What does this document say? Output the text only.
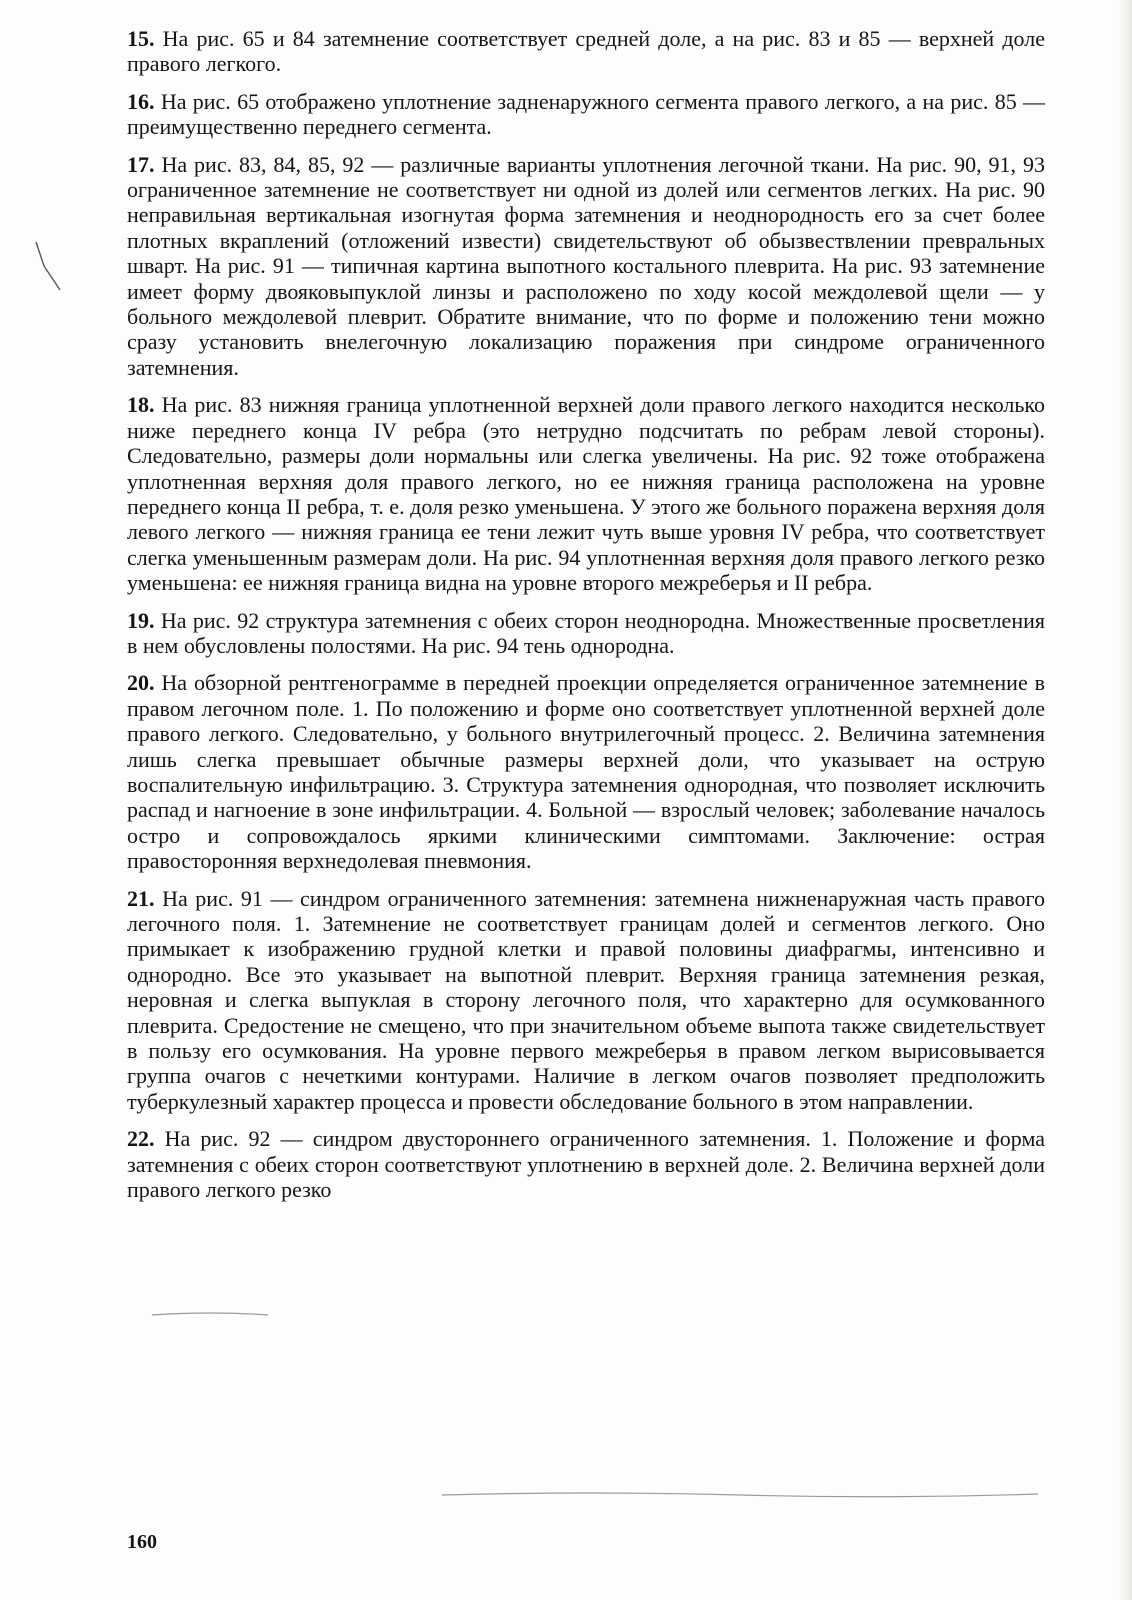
15. На рис. 65 и 84 затемнение соответствует средней доле, а на рис. 83 и 85 — верхней доле правого легкого.

16. На рис. 65 отображено уплотнение задненаружного сегмента правого легкого, а на рис. 85 — преимущественно переднего сегмента.

17. На рис. 83, 84, 85, 92 — различные варианты уплотнения легочной ткани. На рис. 90, 91, 93 ограниченное затемнение не соответствует ни одной из долей или сегментов легких. На рис. 90 неправильная вертикальная изогнутая форма затемнения и неоднородность его за счет более плотных вкраплений (отложений извести) свидетельствуют об обызвествлении превральных шварт. На рис. 91 — типичная картина выпотного костального плеврита. На рис. 93 затемнение имеет форму двояковыпуклой линзы и расположено по ходу косой междолевой щели — у больного междолевой плеврит. Обратите внимание, что по форме и положению тени можно сразу установить внелегочную локализацию поражения при синдроме ограниченного затемнения.

18. На рис. 83 нижняя граница уплотненной верхней доли правого легкого находится несколько ниже переднего конца IV ребра (это нетрудно подсчитать по ребрам левой стороны). Следовательно, размеры доли нормальны или слегка увеличены. На рис. 92 тоже отображена уплотненная верхняя доля правого легкого, но ее нижняя граница расположена на уровне переднего конца II ребра, т. е. доля резко уменьшена. У этого же больного поражена верхняя доля левого легкого — нижняя граница ее тени лежит чуть выше уровня IV ребра, что соответствует слегка уменьшенным размерам доли. На рис. 94 уплотненная верхняя доля правого легкого резко уменьшена: ее нижняя граница видна на уровне второго межреберья и II ребра.

19. На рис. 92 структура затемнения с обеих сторон неоднородна. Множественные просветления в нем обусловлены полостями. На рис. 94 тень однородна.

20. На обзорной рентгенограмме в передней проекции определяется ограниченное затемнение в правом легочном поле. 1. По положению и форме оно соответствует уплотненной верхней доле правого легкого. Следовательно, у больного внутрилегочный процесс. 2. Величина затемнения лишь слегка превышает обычные размеры верхней доли, что указывает на острую воспалительную инфильтрацию. 3. Структура затемнения однородная, что позволяет исключить распад и нагноение в зоне инфильтрации. 4. Больной — взрослый человек; заболевание началось остро и сопровождалось яркими клиническими симптомами. Заключение: острая правосторонняя верхнедолевая пневмония.

21. На рис. 91 — синдром ограниченного затемнения: затемнена нижненаружная часть правого легочного поля. 1. Затемнение не соответствует границам долей и сегментов легкого. Оно примыкает к изображению грудной клетки и правой половины диафрагмы, интенсивно и однородно. Все это указывает на выпотной плеврит. Верхняя граница затемнения резкая, неровная и слегка выпуклая в сторону легочного поля, что характерно для осумкованного плеврита. Средостение не смещено, что при значительном объеме выпота также свидетельствует в пользу его осумкования. На уровне первого межреберья в правом легком вырисовывается группа очагов с нечеткими контурами. Наличие в легком очагов позволяет предположить туберкулезный характер процесса и провести обследование больного в этом направлении.

22. На рис. 92 — синдром двустороннего ограниченного затемнения. 1. Положение и форма затемнения с обеих сторон соответствуют уплотнению в верхней доле. 2. Величина верхней доли правого легкого резко

160
